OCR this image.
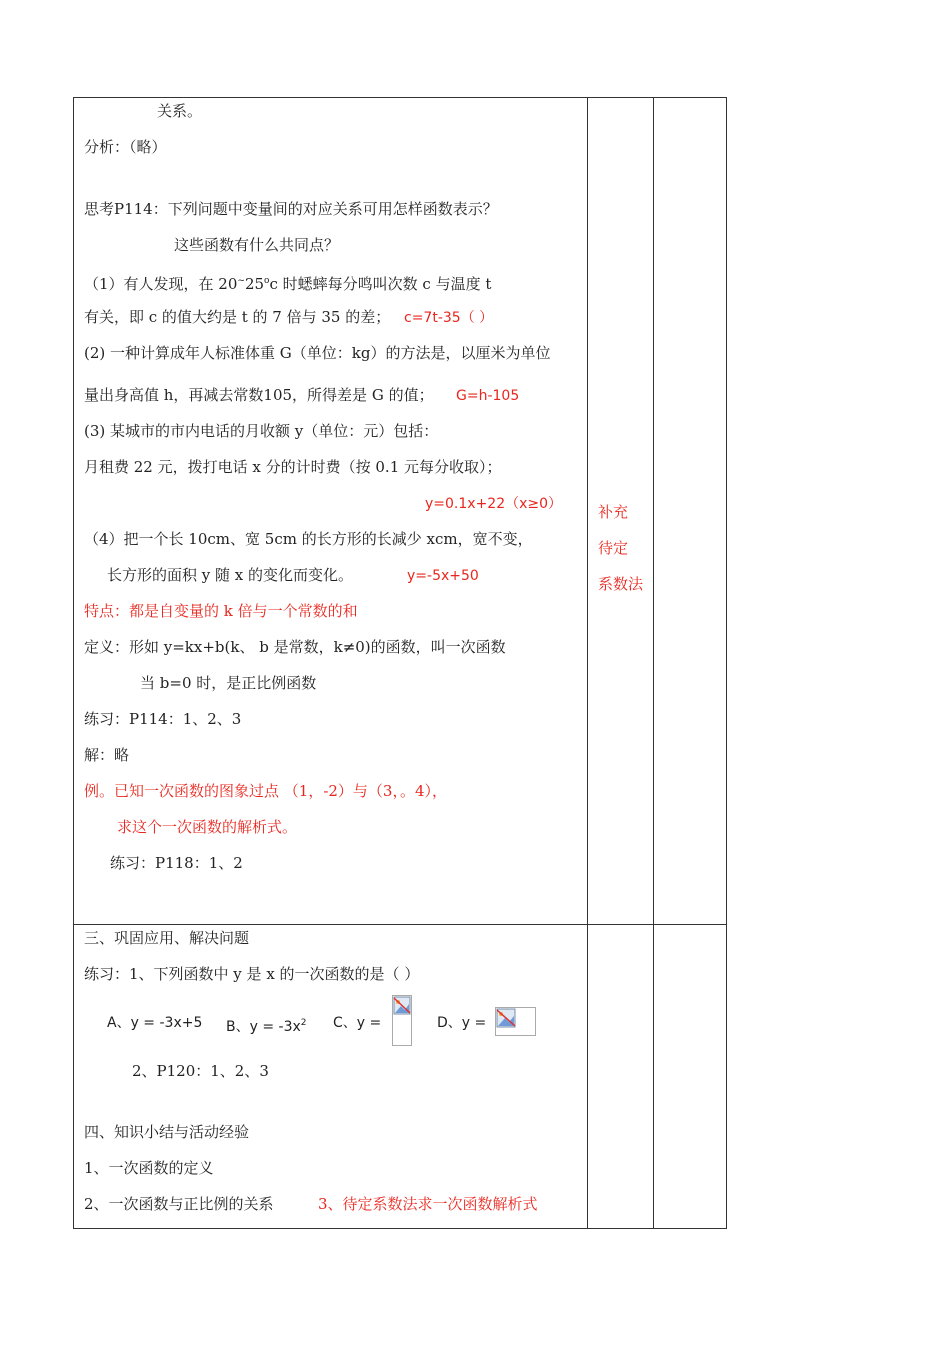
关系。
分析：（略）
思考P114：下列问题中变量间的对应关系可用怎样函数表示？
这些函数有什么共同点？
（1）有人发现，在 20~25$^o$c 时蟋蟀每分鸣叫次数 c 与温度 t
有关，即 c 的值大约是 t 的 7 倍与 35 的差； c=7t-35（ ）
(2) 一种计算成年人标准体重 G（单位：kg）的方法是，以厘米为单位
量出身高值 h，再减去常数105，所得差是 G 的值； G=h-105
(3) 某城市的市内电话的月收额 y（单位：元）包括：
月租费 22 元，拨打电话 x 分的计时费（按 0.1 元每分收取）；
y=0.1x+22（x≥0）
（4）把一个长 10cm、宽 5cm 的长方形的长减少 xcm，宽不变，
长方形的面积 y 随 x 的变化而变化。	y=-5x+50
特点：都是自变量的 k 倍与一个常数的和
定义：形如 y=kx+b(k、 b 是常数，k≠0)的函数，叫一次函数
当 b=0 时，是正比例函数
练习：P114：1、2、3
解：略
例。已知一次函数的图象过点 （1，-2）与（3，。4），
求这个一次函数的解析式。
练习：P118：1、2
补充
待定
系数法
三、巩固应用、解决问题
练习：1、下列函数中 y 是 x 的一次函数的是（ ）
A、y = -3x+5 B、$y = -3x^2$ C、y =	D、y =
2、P120：1、2、3
四、知识小结与活动经验
1、一次函数的定义
2、一次函数与正比例的关系	3、待定系数法求一次函数解析式
